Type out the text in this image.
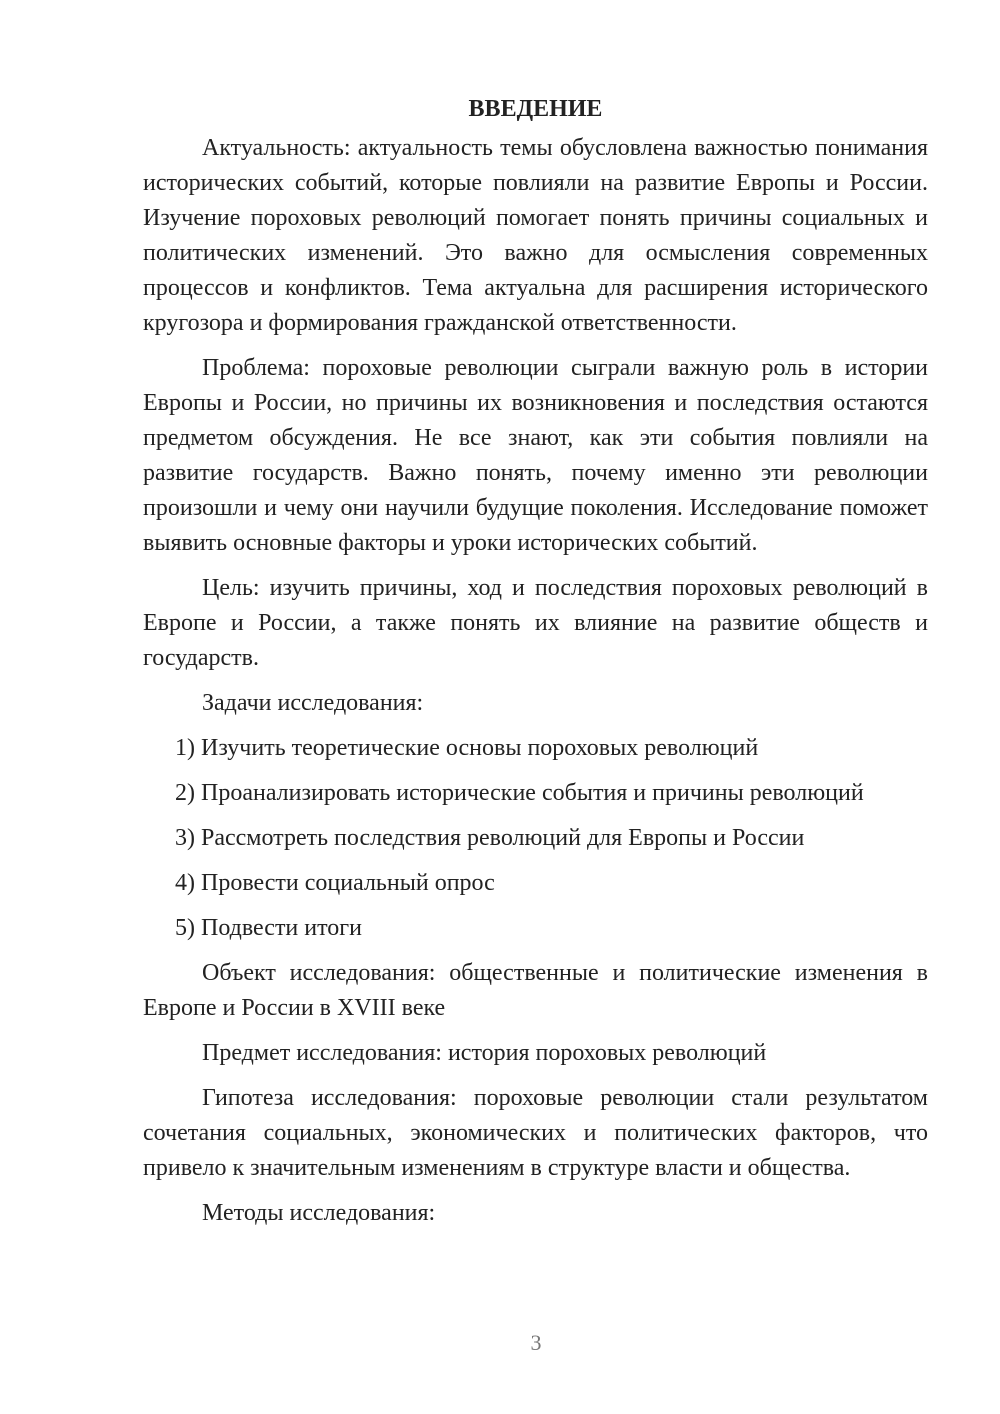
ВВЕДЕНИЕ

Актуальность: актуальность темы обусловлена важностью понимания исторических событий, которые повлияли на развитие Европы и России. Изучение пороховых революций помогает понять причины социальных и политических изменений. Это важно для осмысления современных процессов и конфликтов. Тема актуальна для расширения исторического кругозора и формирования гражданской ответственности.

Проблема: пороховые революции сыграли важную роль в истории Европы и России, но причины их возникновения и последствия остаются предметом обсуждения. Не все знают, как эти события повлияли на развитие государств. Важно понять, почему именно эти революции произошли и чему они научили будущие поколения. Исследование поможет выявить основные факторы и уроки исторических событий.

Цель: изучить причины, ход и последствия пороховых революций в Европе и России, а также понять их влияние на развитие обществ и государств.

Задачи исследования:

1) Изучить теоретические основы пороховых революций
2) Проанализировать исторические события и причины революций
3) Рассмотреть последствия революций для Европы и России
4) Провести социальный опрос
5) Подвести итоги

Объект исследования: общественные и политические изменения в Европе и России в XVIII веке

Предмет исследования: история пороховых революций

Гипотеза исследования: пороховые революции стали результатом сочетания социальных, экономических и политических факторов, что привело к значительным изменениям в структуре власти и общества.

Методы исследования:

3
